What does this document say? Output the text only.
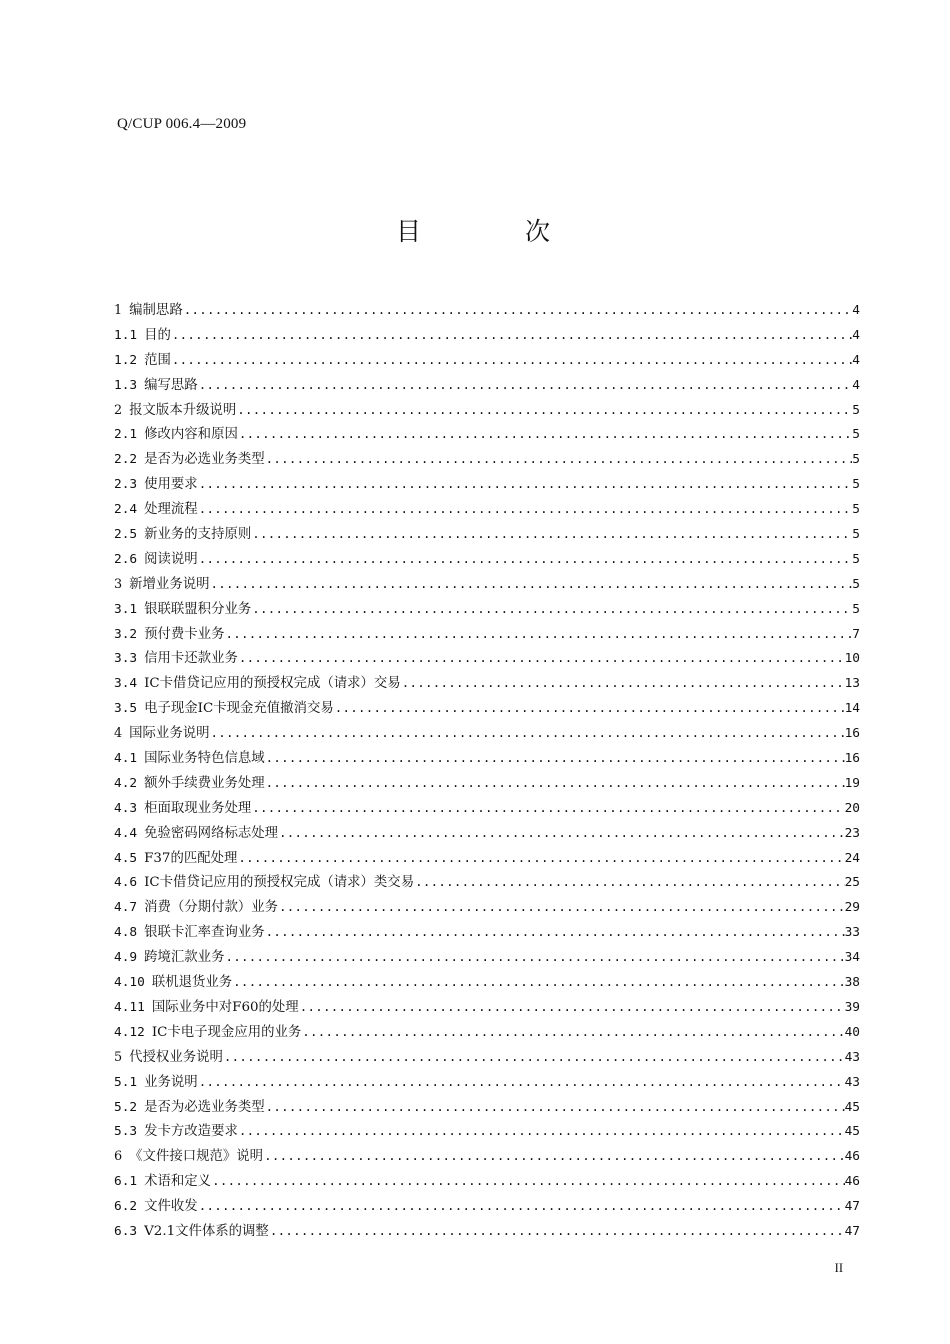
Q/CUP 006.4—2009
目 次
1 编制思路 .....	4
1.1 目的 .....	4
1.2 范围 .....	4
1.3 编写思路 .....	4
2 报文版本升级说明 .....	5
2.1 修改内容和原因 .....	5
2.2 是否为必选业务类型 .....	5
2.3 使用要求 .....	5
2.4 处理流程 .....	5
2.5 新业务的支持原则 .....	5
2.6 阅读说明 .....	5
3 新增业务说明 .....	5
3.1 银联联盟积分业务 .....	5
3.2 预付费卡业务 .....	7
3.3 信用卡还款业务 .....	10
3.4 IC卡借贷记应用的预授权完成（请求）交易 .....	13
3.5 电子现金IC卡现金充值撤消交易 .....	14
4 国际业务说明 .....	16
4.1 国际业务特色信息域 .....	16
4.2 额外手续费业务处理 .....	19
4.3 柜面取现业务处理 .....	20
4.4 免验密码网络标志处理 .....	23
4.5 F37的匹配处理 .....	24
4.6 IC卡借贷记应用的预授权完成（请求）类交易 .....	25
4.7 消费（分期付款）业务 .....	29
4.8 银联卡汇率查询业务 .....	33
4.9 跨境汇款业务 .....	34
4.10 联机退货业务 .....	38
4.11 国际业务中对F60的处理 .....	39
4.12 IC卡电子现金应用的业务 .....	40
5 代授权业务说明 .....	43
5.1 业务说明 .....	43
5.2 是否为必选业务类型 .....	45
5.3 发卡方改造要求 .....	45
6 《文件接口规范》说明 .....	46
6.1 术语和定义 .....	46
6.2 文件收发 .....	47
6.3 V2.1文件体系的调整 .....	47
II
